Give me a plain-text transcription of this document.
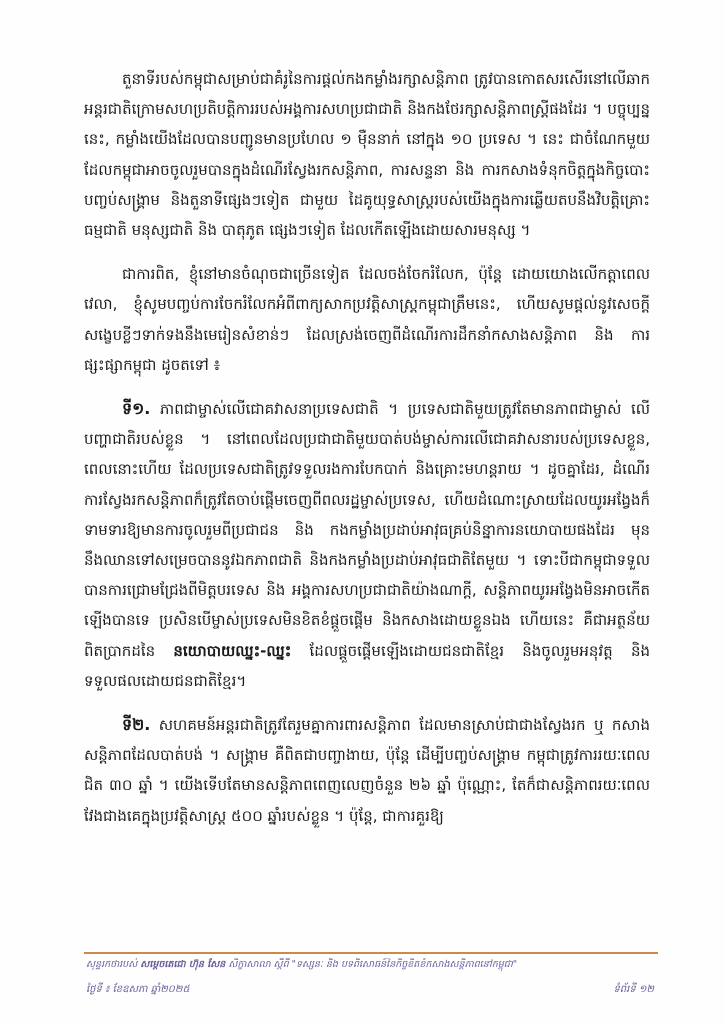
តួនាទីរបស់កម្ពុជាសម្រាប់ជាគំរូនៃការផ្តល់កងកម្លាំងរក្សាសន្តិភាព ត្រូវបានកោតសរសើរនៅលើឆាកអន្តរជាតិក្រោមសហប្រតិបត្តិការរបស់អង្គការសហប្រជាជាតិ និងកងថែរក្សាសន្តិភាពស្ត្រីផងដែរ ។ បច្ចុប្បន្ននេះ, កម្លាំងយើងដែលបានបញ្ជូនមានប្រហែល ១ ម៉ឺននាក់ នៅក្នុង ១០ ប្រទេស ។ នេះ ជាចំណែកមួយដែលកម្ពុជាអាចចូលរួមបានក្នុងដំណើរស្វែងរកសន្តិភាព, ការសន្ទនា និង ការកសាងទំនុកចិត្តក្នុងកិច្ចបោះបញ្ចប់សង្គ្រាម និងតួនាទីផ្សេងៗទៀត ជាមួយ ដៃគូយុទ្ធសាស្ត្ររបស់យើងក្នុងការឆ្លើយតបនឹងវិបត្តិគ្រោះធម្មជាតិ មនុស្សជាតិ និង បាតុភូត ផ្សេងៗទៀត ដែលកើតឡើងដោយសារមនុស្ស ។

ជាការពិត, ខ្ញុំនៅមានចំណុចជាច្រើនទៀត ដែលចង់ចែករំលែក, ប៉ុន្តែ ដោយយោងលើកត្តាពេលវេលា, ខ្ញុំសូមបញ្ចប់ការចែករំលែកអំពីពាក្យសាកប្រវត្តិសាស្ត្រកម្ពុជាត្រឹមនេះ, ហើយសូមផ្តល់នូវសេចក្តីសង្ខេបខ្លីៗទាក់ទងនឹងមេរៀនសំខាន់ៗ ដែលស្រង់ចេញពីដំណើរការដឹកនាំកសាងសន្តិភាព និង ការផ្សះផ្សាកម្ពុជា ដូចតទៅ ៖

ទី១. ភាពជាម្ចាស់លើជោគវាសនាប្រទេសជាតិ ។ ប្រទេសជាតិមួយត្រូវតែមានភាពជាម្ចាស់ លើបញ្ហាជាតិរបស់ខ្លួន ។ នៅពេលដែលប្រជាជាតិមួយបាត់បង់ម្ចាស់ការលើជោគវាសនារបស់ប្រទេសខ្លួន, ពេលនោះហើយ ដែលប្រទេសជាតិត្រូវទទួលរងការបែកបាក់ និងគ្រោះមហន្តរាយ ។ ដូចគ្នាដែរ, ដំណើរការស្វែងរកសន្តិភាពក៏ត្រូវតែចាប់ផ្តើមចេញពីពលរដ្ឋម្ចាស់ប្រទេស, ហើយដំណោះស្រាយដែលយូរអង្វែងក៏ទាមទារឱ្យមានការចូលរួមពីប្រជាជន និង កងកម្លាំងប្រដាប់អាវុធគ្រប់និន្នាការនយោបាយផងដែរ មុននឹងឈានទៅសម្រេចបាននូវឯកភាពជាតិ និងកងកម្លាំងប្រដាប់អាវុធជាតិតែមួយ ។ ទោះបីជាកម្ពុជាទទួលបានការជ្រោមជ្រែងពីមិត្តបរទេស និង អង្គការសហប្រជាជាតិយ៉ាងណាក្តី, សន្តិភាពយូរអង្វែងមិនអាចកើតឡើងបានទេ ប្រសិនបើម្ចាស់ប្រទេសមិនខិតខំផ្តួចផ្តើម និងកសាងដោយខ្លួនឯង ហើយនេះ គឺជាអត្ថន័យពិតប្រាកដនៃ នយោបាយឈ្នះ-ឈ្នះ ដែលផ្តួចផ្តើមឡើងដោយជនជាតិខ្មែរ និងចូលរួមអនុវត្ត និង ទទួលផលដោយជនជាតិខ្មែរ។

ទី២. សហគមន៍អន្តរជាតិត្រូវតែរួមគ្នាការពារសន្តិភាព ដែលមានស្រាប់ជាជាងស្វែងរក ឬ កសាងសន្តិភាពដែលបាត់បង់ ។ សង្គ្រាម គឺពិតជាបញ្ចាងាយ, ប៉ុន្តែ ដើម្បីបញ្ចប់សង្គ្រាម កម្ពុជាត្រូវការរយៈពេលជិត ៣០ ឆ្នាំ ។ យើងទើបតែមានសន្តិភាពពេញលេញចំនួន ២៦ ឆ្នាំ ប៉ុណ្ណោះ, តែក៏ជាសន្តិភាពរយៈពេលវែងជាងគេក្នុងប្រវត្តិសាស្ត្រ ៥០០ ឆ្នាំរបស់ខ្លួន ។ ប៉ុន្តែ, ជាការគួរឱ្យ

សុន្ទរកថារបស់ សម្តេចតេជោ ហ៊ុន សែន សិក្ខាសាលា ស្តីពី "ទស្សនៈ និង បទពិសោធន៍នៃកិច្ចខិតខំកសាងសន្តិភាពនៅកម្ពុជា"
ថ្ងៃទី ៖ ខែឧសភា ឆ្នាំ២០២៥	ទំព័រទី ១២
